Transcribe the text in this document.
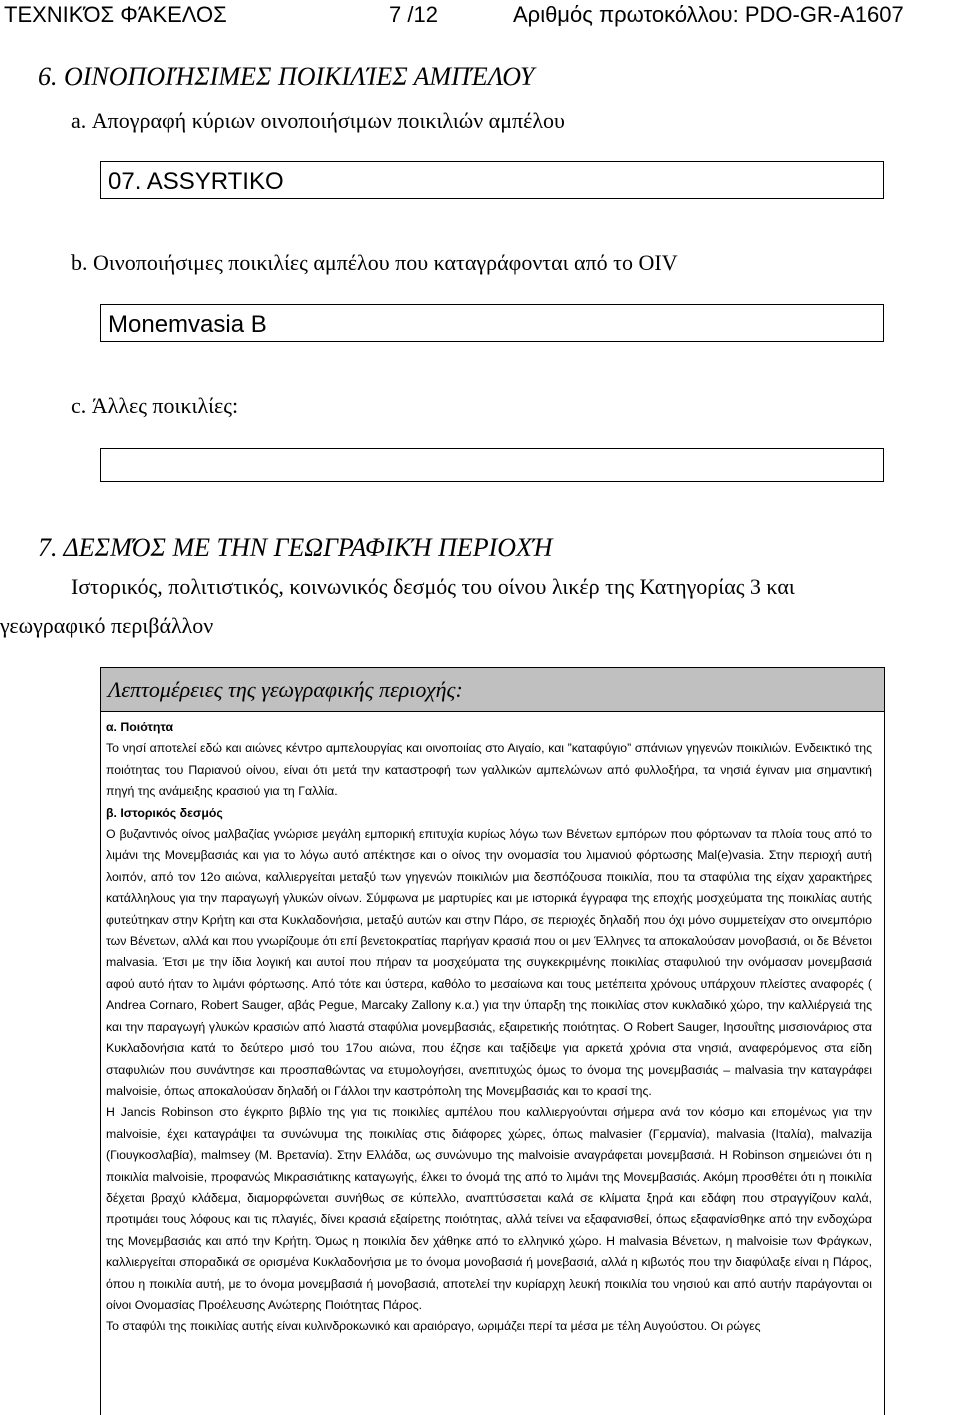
ΤΕΧΝΙΚΌΣ ΦΆΚΕΛΟΣ	7 /12	Αριθμός πρωτοκόλλου: PDO-GR-A1607
6. ΟΙΝΟΠΟΙΉΣΙΜΕΣ ΠΟΙΚΙΛΊΕΣ ΑΜΠΈΛΟΥ
a. Απογραφή κύριων οινοποιήσιμων ποικιλιών αμπέλου
07. ASSYRTIKO
b. Οινοποιήσιμες ποικιλίες αμπέλου που καταγράφονται από το OIV
Monemvasia B
c. Άλλες ποικιλίες:
7. ΔΕΣΜΌΣ ΜΕ ΤΗΝ ΓΕΩΓΡΑΦΙΚΉ ΠΕΡΙΟΧΉ
Ιστορικός, πολιτιστικός, κοινωνικός δεσμός του οίνου λικέρ της Κατηγορίας 3 και
γεωγραφικό περιβάλλον
Λεπτομέρειες της γεωγραφικής περιοχής:

α. Ποιότητα

Το νησί αποτελεί εδώ και αιώνες κέντρο αμπελουργίας και οινοποιίας στο Αιγαίο, και ”καταφύγιο” σπάνιων γηγενών ποικιλιών. Ενδεικτικό της ποιότητας του Παριανού οίνου, είναι ότι μετά την καταστροφή των γαλλικών αμπελώνων από φυλλοξήρα, τα νησιά έγιναν μια σημαντική πηγή της ανάμειξης κρασιού για τη Γαλλία.

β. Ιστορικός δεσμός

Ο βυζαντινός οίνος μαλβαζίας γνώρισε μεγάλη εμπορική επιτυχία κυρίως λόγω των Βένετων εμπόρων που φόρτωναν τα πλοία τους από το λιμάνι της Μονεμβασιάς και για το λόγω αυτό απέκτησε και ο οίνος την ονομασία του λιμανιού φόρτωσης Mal(e)vasia. Στην περιοχή αυτή λοιπόν, από τον 12ο αιώνα, καλλιεργείται μεταξύ των γηγενών ποικιλιών μια δεσπόζουσα ποικιλία, που τα σταφύλια της είχαν χαρακτήρες κατάλληλους για την παραγωγή γλυκών οίνων. Σύμφωνα με μαρτυρίες και με ιστορικά έγγραφα της εποχής μοσχεύματα της ποικιλίας αυτής φυτεύτηκαν στην Κρήτη και στα Κυκλαδονήσια, μεταξύ αυτών και στην Πάρο, σε περιοχές δηλαδή που όχι μόνο συμμετείχαν στο οινεμπόριο των Βένετων, αλλά και που γνωρίζουμε ότι επί βενετοκρατίας παρήγαν κρασιά που οι μεν Έλληνες τα αποκαλούσαν μονοβασιά, οι δε Βένετοι malvasia. Έτσι με την ίδια λογική και αυτοί που πήραν τα μοσχεύματα της συγκεκριμένης ποικιλίας σταφυλιού την ονόμασαν μονεμβασιά αφού αυτό ήταν το λιμάνι φόρτωσης. Από τότε και ύστερα, καθόλο το μεσαίωνα και τους μετέπειτα χρόνους υπάρχουν πλείστες αναφορές ( Andrea Cornaro, Robert Sauger, αβάς Pegue, Marcaky Zallony κ.α.) για την ύπαρξη της ποικιλίας στον κυκλαδικό χώρο, την καλλιέργειά της και την παραγωγή γλυκών κρασιών από λιαστά σταφύλια μονεμβασιάς, εξαιρετικής ποιότητας. Ο Robert Sauger, Ιησουΐτης μισσιονάριος στα Κυκλαδονήσια κατά το δεύτερο μισό του 17ου αιώνα, που έζησε και ταξίδεψε για αρκετά χρόνια στα νησιά, αναφερόμενος στα είδη σταφυλιών που συνάντησε και προσπαθώντας να ετυμολογήσει, ανεπιτυχώς όμως το όνομα της μονεμβασιάς – malvasia την καταγράφει malvoisie, όπως αποκαλούσαν δηλαδή οι Γάλλοι την καστρόπολη της Μονεμβασιάς και το κρασί της.

Η Jancis Robinson στο έγκριτο βιβλίο της για τις ποικιλίες αμπέλου που καλλιεργούνται σήμερα ανά τον κόσμο και επομένως για την malvoisie, έχει καταγράψει τα συνώνυμα της ποικιλίας στις διάφορες χώρες, όπως malvasier (Γερμανία), malvasia (Ιταλία), malvazija (Γιουγκοσλαβία), malmsey (Μ. Βρετανία). Στην Ελλάδα, ως συνώνυμο της malvoisie αναγράφεται μονεμβασιά. Η Robinson σημειώνει ότι η ποικιλία malvoisie, προφανώς Μικρασιάτικης καταγωγής, έλκει το όνομά της από το λιμάνι της Μονεμβασιάς. Ακόμη προσθέτει ότι η ποικιλία δέχεται βραχύ κλάδεμα, διαμορφώνεται συνήθως σε κύπελλο, αναπτύσσεται καλά σε κλίματα ξηρά και εδάφη που στραγγίζουν καλά, προτιμάει τους λόφους και τις πλαγιές, δίνει κρασιά εξαίρετης ποιότητας, αλλά τείνει να εξαφανισθεί, όπως εξαφανίσθηκε από την ενδοχώρα της Μονεμβασιάς και από την Κρήτη. Όμως η ποικιλία δεν χάθηκε από το ελληνικό χώρο. Η malvasia Βένετων, η malvoisie των Φράγκων, καλλιεργείται σποραδικά σε ορισμένα Κυκλαδονήσια με το όνομα μονοβασιά ή μονεβασιά, αλλά η κιβωτός που την διαφύλαξε είναι η Πάρος, όπου η ποικιλία αυτή, με το όνομα μονεμβασιά ή μονοβασιά, αποτελεί την κυρίαρχη λευκή ποικιλία του νησιού και από αυτήν παράγονται οι οίνοι Ονομασίας Προέλευσης Ανώτερης Ποιότητας Πάρος.

Το σταφύλι της ποικιλίας αυτής είναι κυλινδροκωνικό και αραιόραγο, ωριμάζει περί τα μέσα με τέλη Αυγούστου. Οι ρώγες
